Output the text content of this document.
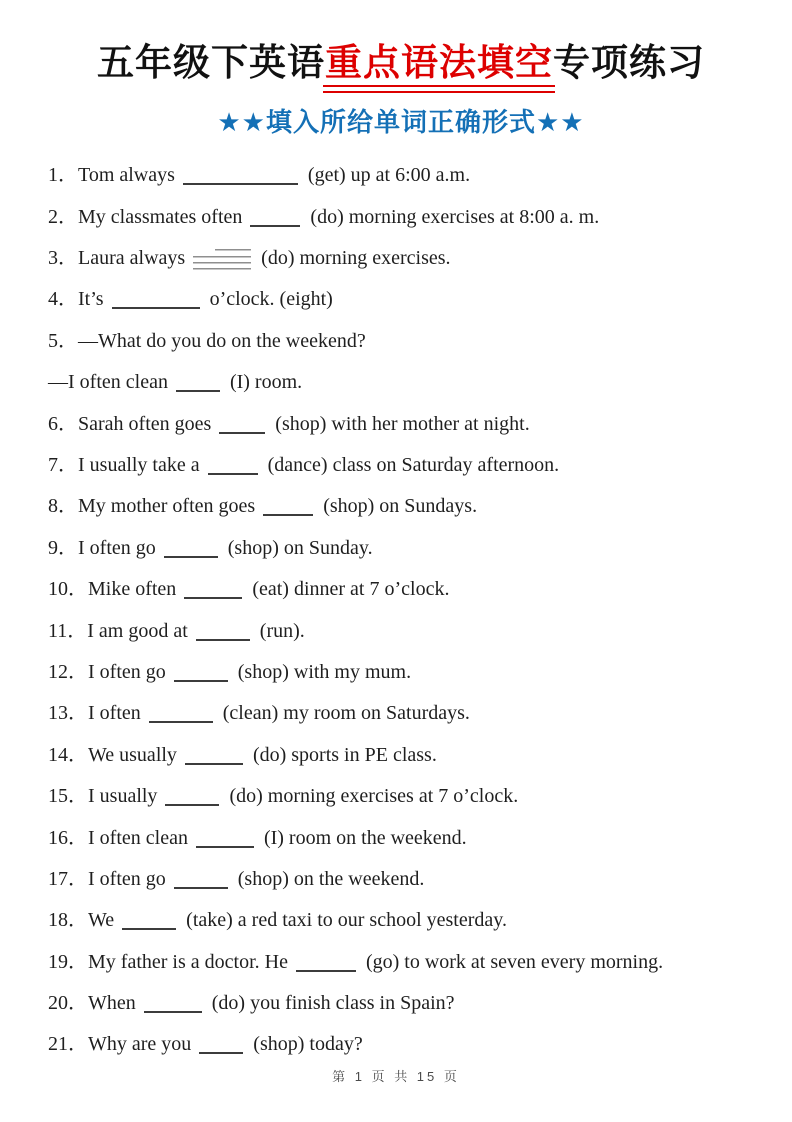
五年级下英语重点语法填空专项练习
★★填入所给单词正确形式★★
1．Tom always	(get) up at 6:00 a.m.
2．My classmates often	(do) morning exercises at 8:00 a. m.
3．Laura always	(do) morning exercises.
4．It’s	o’clock. (eight)
5．—What do you do on the weekend?
—I often clean	(I) room.
6．Sarah often goes	(shop) with her mother at night.
7．I usually take a	(dance) class on Saturday afternoon.
8．My mother often goes	(shop) on Sundays.
9．I often go	(shop) on Sunday.
10．Mike often	(eat) dinner at 7 o’clock.
11．I am good at	(run).
12．I often go	(shop) with my mum.
13．I often	(clean) my room on Saturdays.
14．We usually	(do) sports in PE class.
15．I usually	(do) morning exercises at 7 o’clock.
16．I often clean	(I) room on the weekend.
17．I often go	(shop) on the weekend.
18．We	(take) a red taxi to our school yesterday.
19．My father is a doctor. He	(go) to work at seven every morning.
20．When	(do) you finish class in Spain?
21．Why are you	(shop) today?
第 1 页 共 15 页
